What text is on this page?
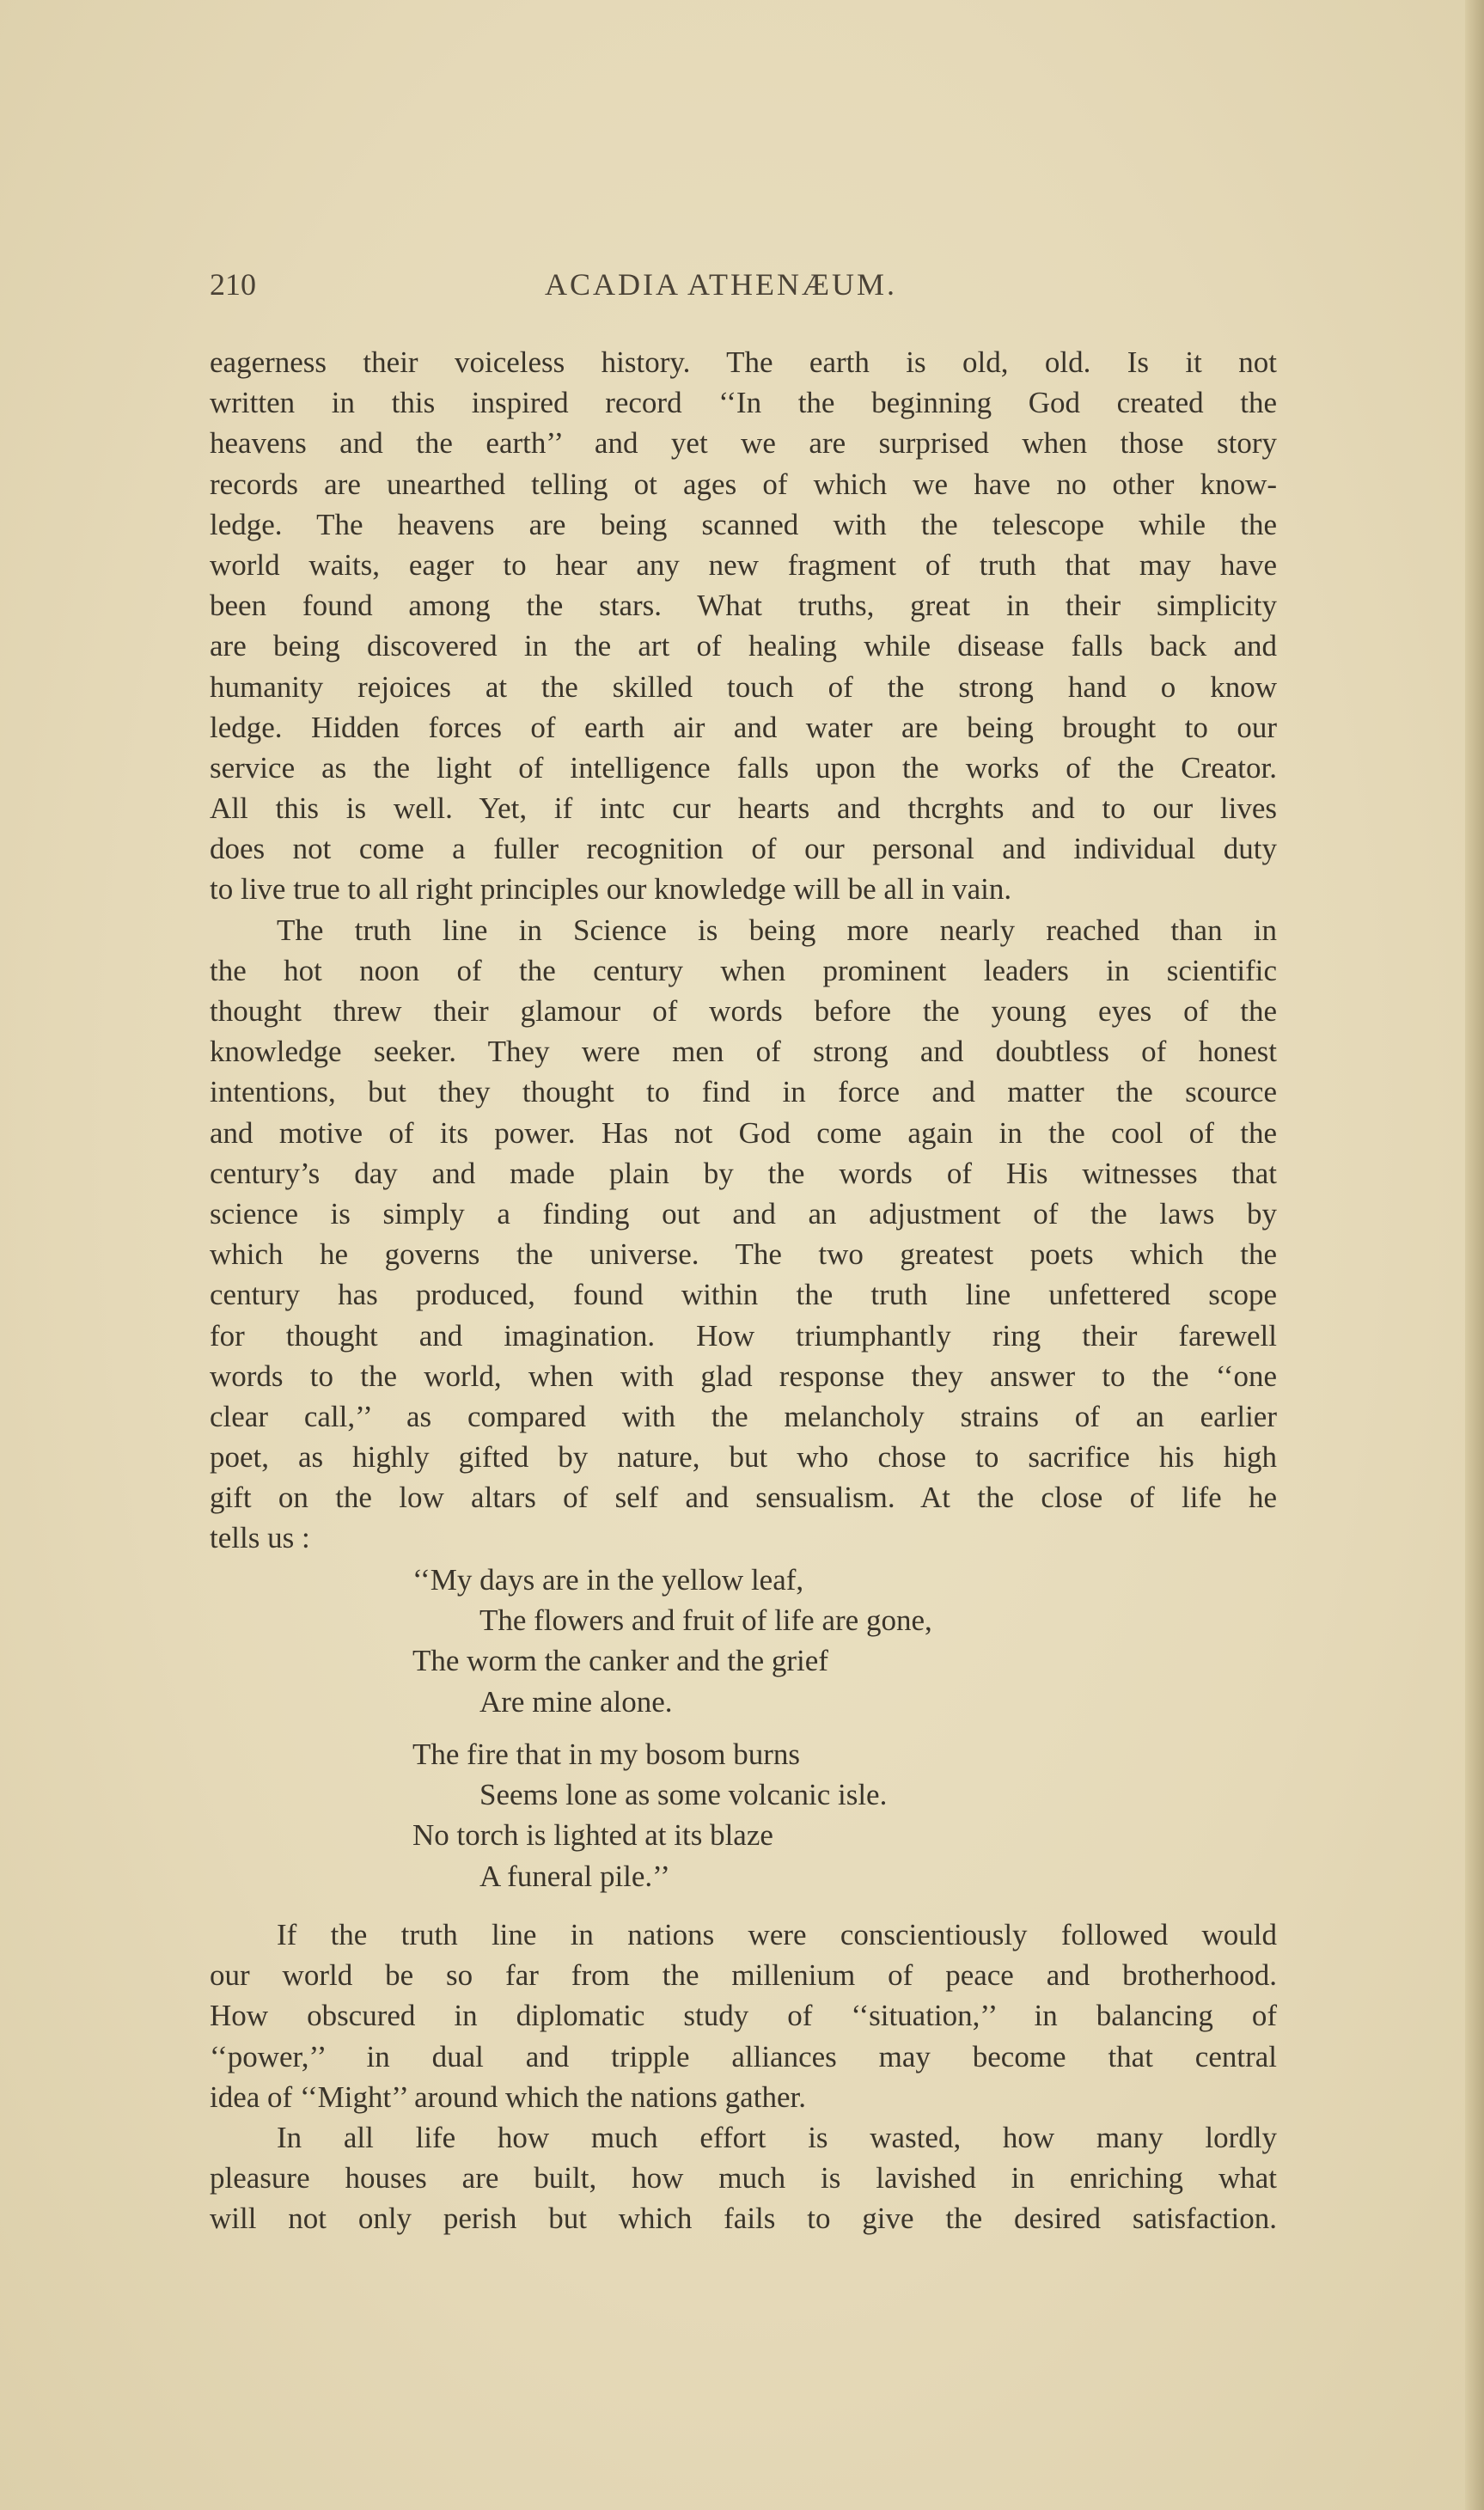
210	ACADIA ATHENÆUM.
eagerness their voiceless history. The earth is old, old. Is it not
written in this inspired record ‘‘In the beginning God created the
heavens and the earth’’ and yet we are surprised when those story
records are unearthed telling ot ages of which we have no other know-
ledge. The heavens are being scanned with the telescope while the
world waits, eager to hear any new fragment of truth that may have
been found among the stars. What truths, great in their simplicity
are being discovered in the art of healing while disease falls back and
humanity rejoices at the skilled touch of the strong hand o know
ledge. Hidden forces of earth air and water are being brought to our
service as the light of intelligence falls upon the works of the Creator.
All this is well. Yet, if intc cur hearts and thcrghts and to our lives
does not come a fuller recognition of our personal and individual duty
to live true to all right principles our knowledge will be all in vain.
The truth line in Science is being more nearly reached than in
the hot noon of the century when prominent leaders in scientific
thought threw their glamour of words before the young eyes of the
knowledge seeker. They were men of strong and doubtless of honest
intentions, but they thought to find in force and matter the scource
and motive of its power. Has not God come again in the cool of the
century’s day and made plain by the words of His witnesses that
science is simply a finding out and an adjustment of the laws by
which he governs the universe. The two greatest poets which the
century has produced, found within the truth line unfettered scope
for thought and imagination. How triumphantly ring their farewell
words to the world, when with glad response they answer to the ‘‘one
clear call,’’ as compared with the melancholy strains of an earlier
poet, as highly gifted by nature, but who chose to sacrifice his high
gift on the low altars of self and sensualism. At the close of life he
tells us :
‘‘My days are in the yellow leaf,
The flowers and fruit of life are gone,
The worm the canker and the grief
Are mine alone.
The fire that in my bosom burns
Seems lone as some volcanic isle.
No torch is lighted at its blaze
A funeral pile.’’
If the truth line in nations were conscientiously followed would
our world be so far from the millenium of peace and brotherhood.
How obscured in diplomatic study of ‘‘situation,’’ in balancing of
‘‘power,’’ in dual and tripple alliances may become that central
idea of ‘‘Might’’ around which the nations gather.
In all life how much effort is wasted, how many lordly
pleasure houses are built, how much is lavished in enriching what
will not only perish but which fails to give the desired satisfaction.
